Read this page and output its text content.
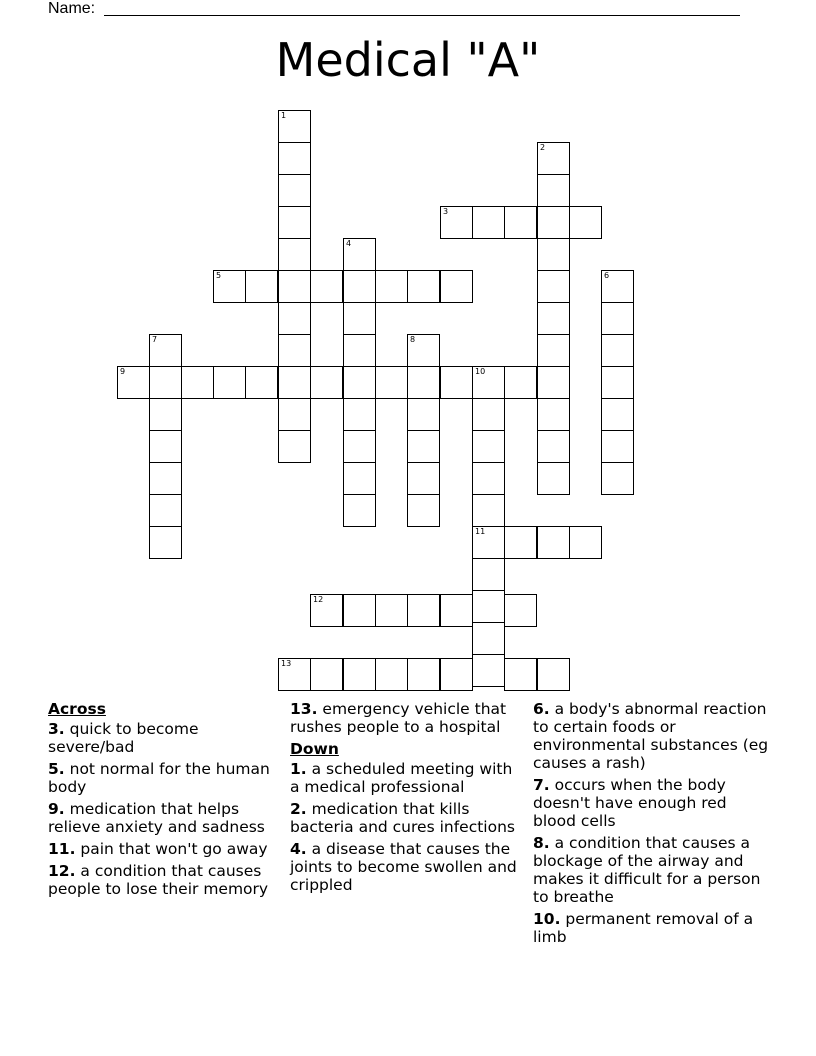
Name:
Medical "A"
1
2
3
4
5	6
7	8
9	10
11
12
13
Across
3. quick to become severe/bad
5. not normal for the human body
9. medication that helps relieve anxiety and sadness
11. pain that won't go away
12. a condition that causes people to lose their memory
13. emergency vehicle that rushes people to a hospital
Down
1. a scheduled meeting with a medical professional
2. medication that kills bacteria and cures infections
4. a disease that causes the joints to become swollen and crippled
6. a body's abnormal reaction to certain foods or environmental substances (eg causes a rash)
7. occurs when the body doesn't have enough red blood cells
8. a condition that causes a blockage of the airway and makes it difficult for a person to breathe
10. permanent removal of a limb
